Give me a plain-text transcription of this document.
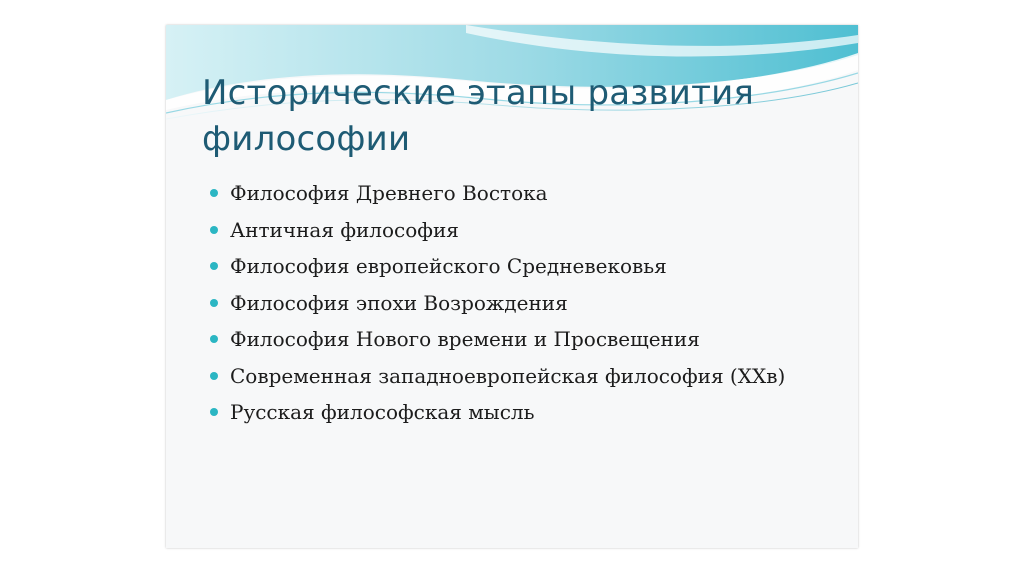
Исторические этапы развития философии
Философия Древнего Востока
Античная философия
Философия европейского Средневековья
Философия эпохи Возрождения
Философия Нового времени и Просвещения
Современная западноевропейская философия (XXв)
Русская философская мысль
